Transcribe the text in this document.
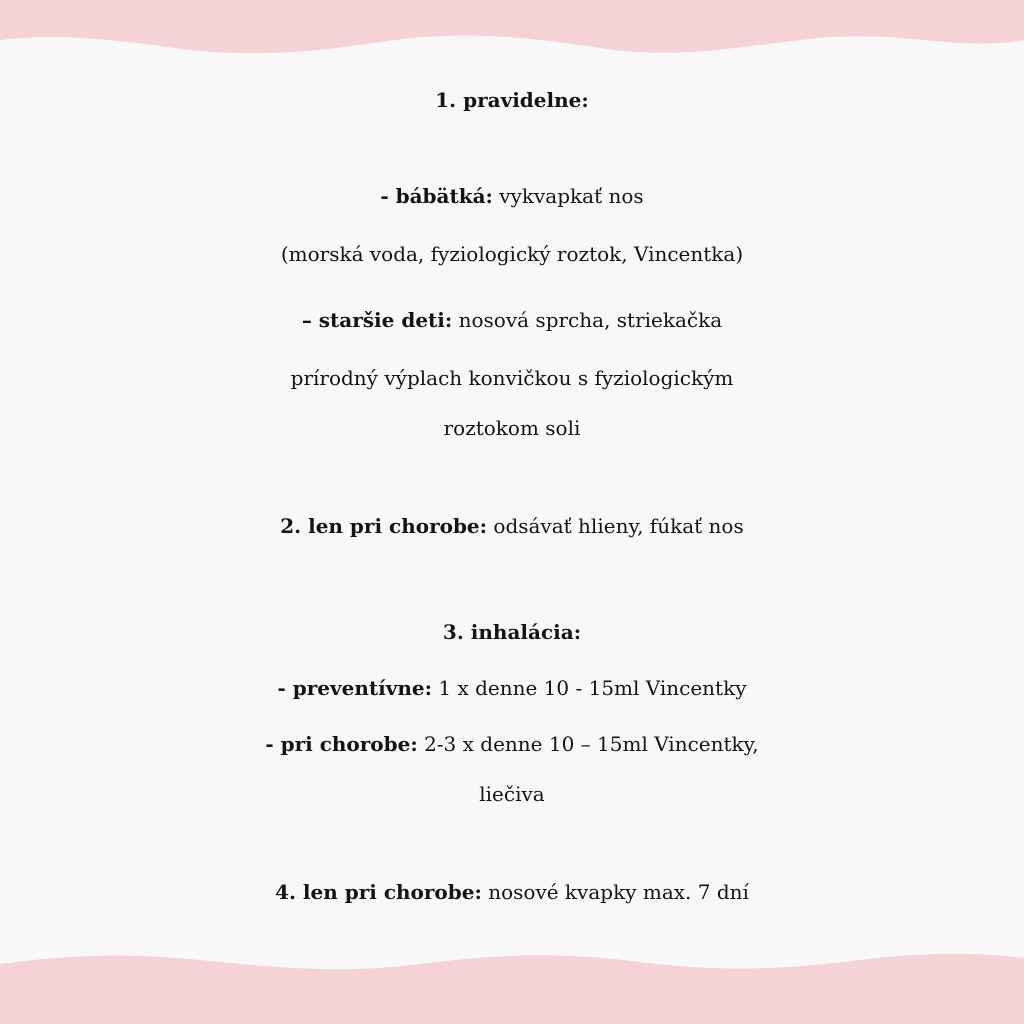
1. pravidelne:
- bábätká: vykvapkať nos
(morská voda, fyziologický roztok, Vincentka)
– staršie deti: nosová sprcha, striekačka
prírodný výplach konvičkou s fyziologickým
roztokom soli
2. len pri chorobe: odsávať hlieny, fúkať nos
3. inhalácia:
- preventívne: 1 x denne 10 - 15ml Vincentky
- pri chorobe: 2-3 x denne 10 – 15ml Vincentky,
liečiva
4. len pri chorobe: nosové kvapky max. 7 dní
